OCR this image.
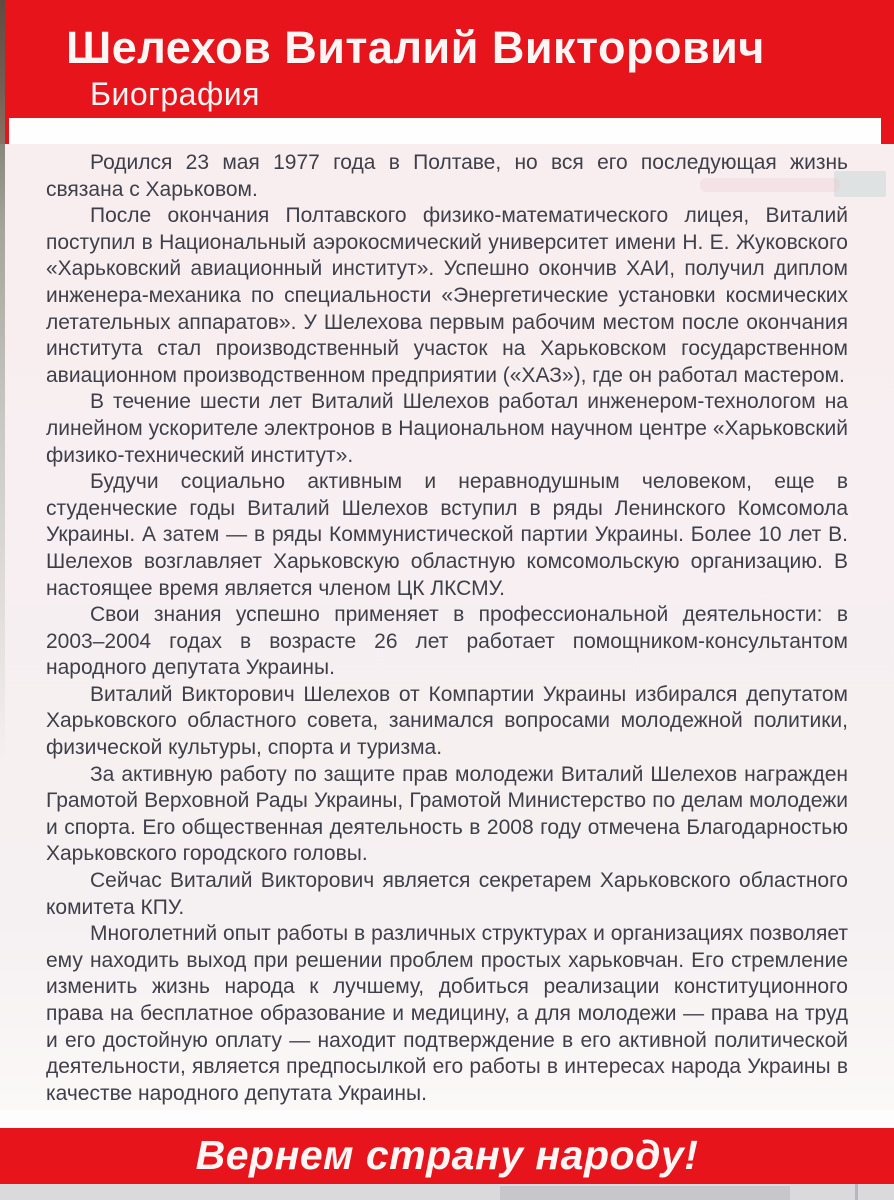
Шелехов Виталий Викторович
Биография

Родился 23 мая 1977 года в Полтаве, но вся его последующая жизнь связана с Харьковом.

После окончания Полтавского физико-математического лицея, Виталий поступил в Национальный аэрокосмический университет имени Н. Е. Жуковского «Харьковский авиационный институт». Успешно окончив ХАИ, получил диплом инженера-механика по специальности «Энергетические установки космических летательных аппаратов». У Шелехова первым рабочим местом после окончания института стал производственный участок на Харьковском государственном авиационном производственном предприятии («ХАЗ»), где он работал мастером.

В течение шести лет Виталий Шелехов работал инженером-технологом на линейном ускорителе электронов в Национальном научном центре «Харьковский физико-технический институт».

Будучи социально активным и неравнодушным человеком, еще в студенческие годы Виталий Шелехов вступил в ряды Ленинского Комсомола Украины. А затем — в ряды Коммунистической партии Украины. Более 10 лет В. Шелехов возглавляет Харьковскую областную комсомольскую организацию. В настоящее время является членом ЦК ЛКСМУ.

Свои знания успешно применяет в профессиональной деятельности: в 2003–2004 годах в возрасте 26 лет работает помощником-консультантом народного депутата Украины.

Виталий Викторович Шелехов от Компартии Украины избирался депутатом Харьковского областного совета, занимался вопросами молодежной политики, физической культуры, спорта и туризма.

За активную работу по защите прав молодежи Виталий Шелехов награжден Грамотой Верховной Рады Украины, Грамотой Министерство по делам молодежи и спорта. Его общественная деятельность в 2008 году отмечена Благодарностью Харьковского городского головы.

Сейчас Виталий Викторович является секретарем Харьковского областного комитета КПУ.

Многолетний опыт работы в различных структурах и организациях позволяет ему находить выход при решении проблем простых харьковчан. Его стремление изменить жизнь народа к лучшему, добиться реализации конституционного права на бесплатное образование и медицину, а для молодежи — права на труд и его достойную оплату — находит подтверждение в его активной политической деятельности, является предпосылкой его работы в интересах народа Украины в качестве народного депутата Украины.

Вернем страну народу!
